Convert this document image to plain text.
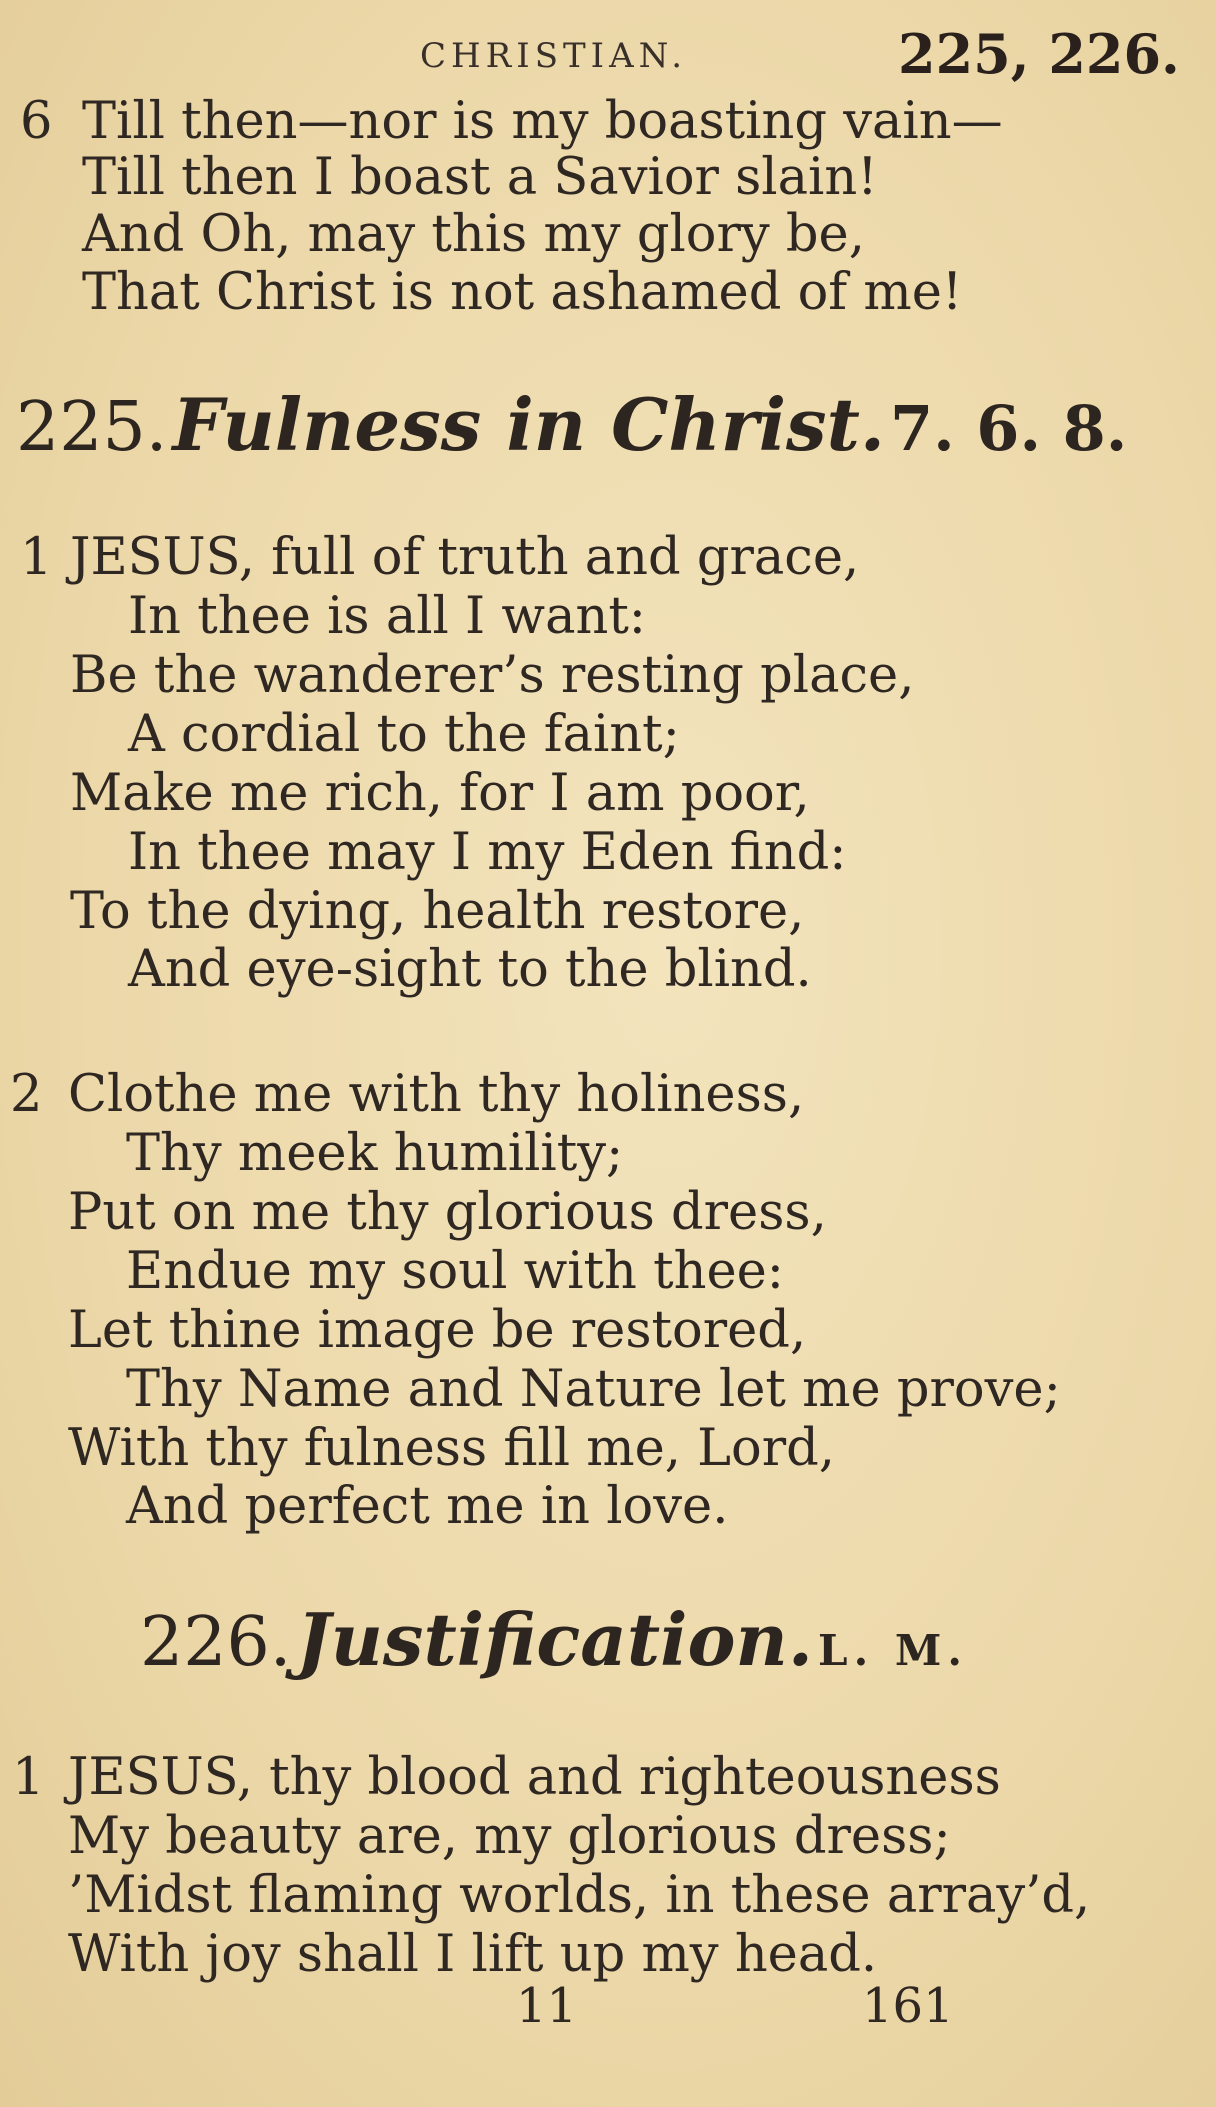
CHRISTIAN.	225, 226.
6 Till then—nor is my boasting vain—
Till then I boast a Savior slain!
And Oh, may this my glory be,
That Christ is not ashamed of me!
225. Fulness in Christ. 7. 6. 8.
1 JESUS, full of truth and grace,
In thee is all I want:
Be the wanderer’s resting place,
A cordial to the faint;
Make me rich, for I am poor,
In thee may I my Eden find:
To the dying, health restore,
And eye-sight to the blind.
2 Clothe me with thy holiness,
Thy meek humility;
Put on me thy glorious dress,
Endue my soul with thee:
Let thine image be restored,
Thy Name and Nature let me prove;
With thy fulness fill me, Lord,
And perfect me in love.
226. Justification. L. M.
1 JESUS, thy blood and righteousness
My beauty are, my glorious dress;
’Midst flaming worlds, in these array’d,
With joy shall I lift up my head.
11	161
